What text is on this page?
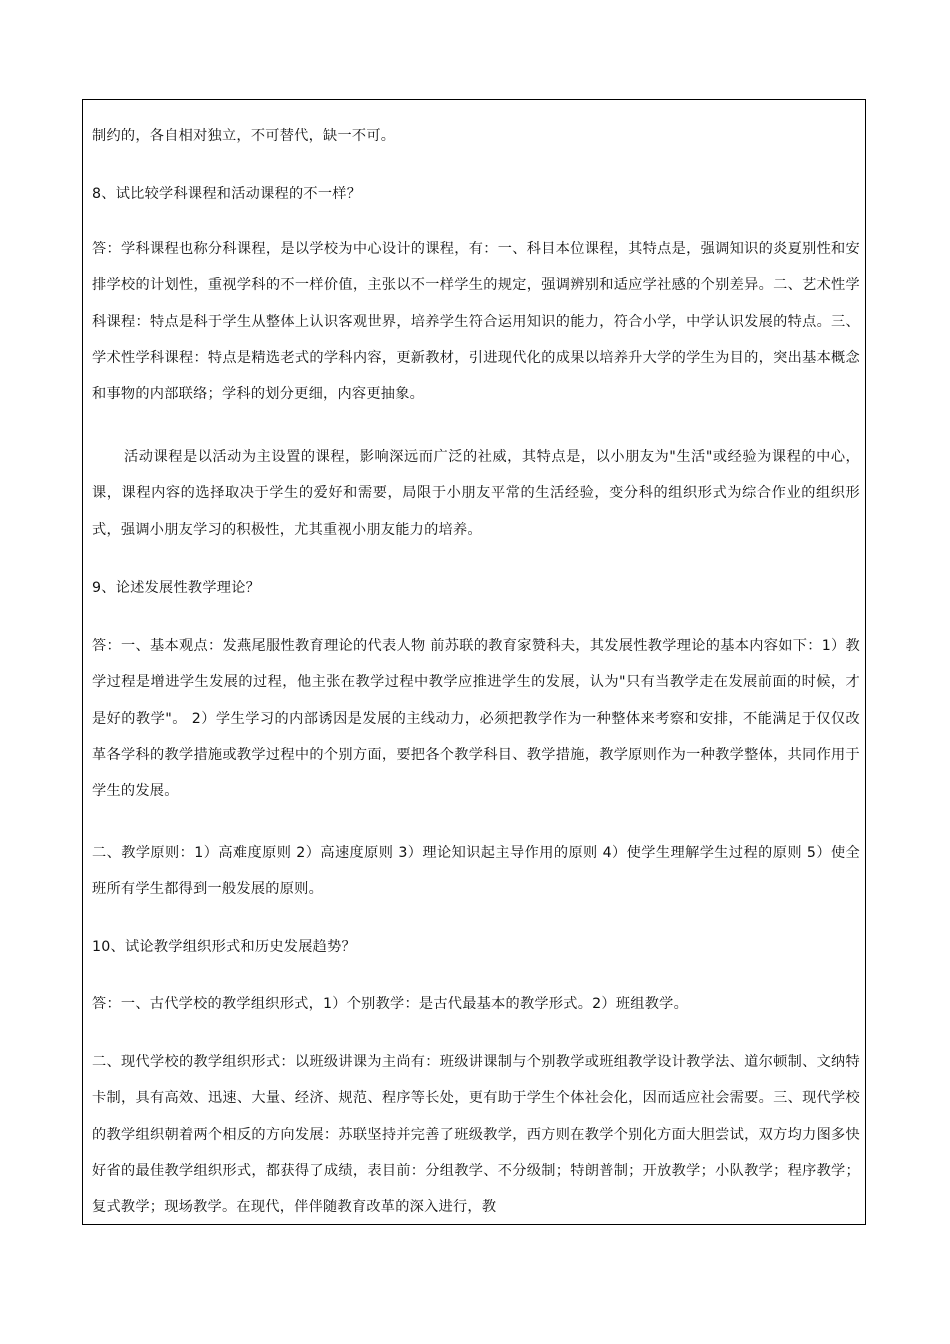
制约的，各自相对独立，不可替代，缺一不可。
8、试比较学科课程和活动课程的不一样？
答：学科课程也称分科课程，是以学校为中心设计的课程，有：一、科目本位课程，其特点是，强调知识的炎夏别性和安排学校的计划性，重视学科的不一样价值，主张以不一样学生的规定，强调辨别和适应学社感的个别差异。二、艺术性学科课程：特点是科于学生从整体上认识客观世界，培养学生符合运用知识的能力，符合小学，中学认识发展的特点。三、学术性学科课程：特点是精选老式的学科内容，更新教材，引进现代化的成果以培养升大学的学生为目的，突出基本概念和事物的内部联络；学科的划分更细，内容更抽象。
活动课程是以活动为主设置的课程，影响深远而广泛的社威，其特点是，以小朋友为"生活"或经验为课程的中心，课，课程内容的选择取决于学生的爱好和需要，局限于小朋友平常的生活经验，变分科的组织形式为综合作业的组织形式，强调小朋友学习的积极性，尤其重视小朋友能力的培养。
9、论述发展性教学理论？
答：一、基本观点：发燕尾服性教育理论的代表人物 前苏联的教育家赞科夫，其发展性教学理论的基本内容如下：1）教学过程是增进学生发展的过程，他主张在教学过程中教学应推进学生的发展，认为"只有当教学走在发展前面的时候，才是好的教学"。 2）学生学习的内部诱因是发展的主线动力，必须把教学作为一种整体来考察和安排，不能满足于仅仅改革各学科的教学措施或教学过程中的个别方面，要把各个教学科目、教学措施，教学原则作为一种教学整体，共同作用于学生的发展。
二、教学原则：1）高难度原则 2）高速度原则 3）理论知识起主导作用的原则 4）使学生理解学生过程的原则 5）使全班所有学生都得到一般发展的原则。
10、试论教学组织形式和历史发展趋势？
答：一、古代学校的教学组织形式，1）个别教学：是古代最基本的教学形式。2）班组教学。
二、现代学校的教学组织形式：以班级讲课为主尚有：班级讲课制与个别教学或班组教学设计教学法、道尔顿制、文纳特卡制，具有高效、迅速、大量、经济、规范、程序等长处，更有助于学生个体社会化，因而适应社会需要。三、现代学校的教学组织朝着两个相反的方向发展：苏联坚持并完善了班级教学，西方则在教学个别化方面大胆尝试，双方均力图多快好省的最佳教学组织形式，都获得了成绩，表目前：分组教学、不分级制；特朗普制；开放教学；小队教学；程序教学；复式教学；现场教学。在现代，伴伴随教育改革的深入进行，教
